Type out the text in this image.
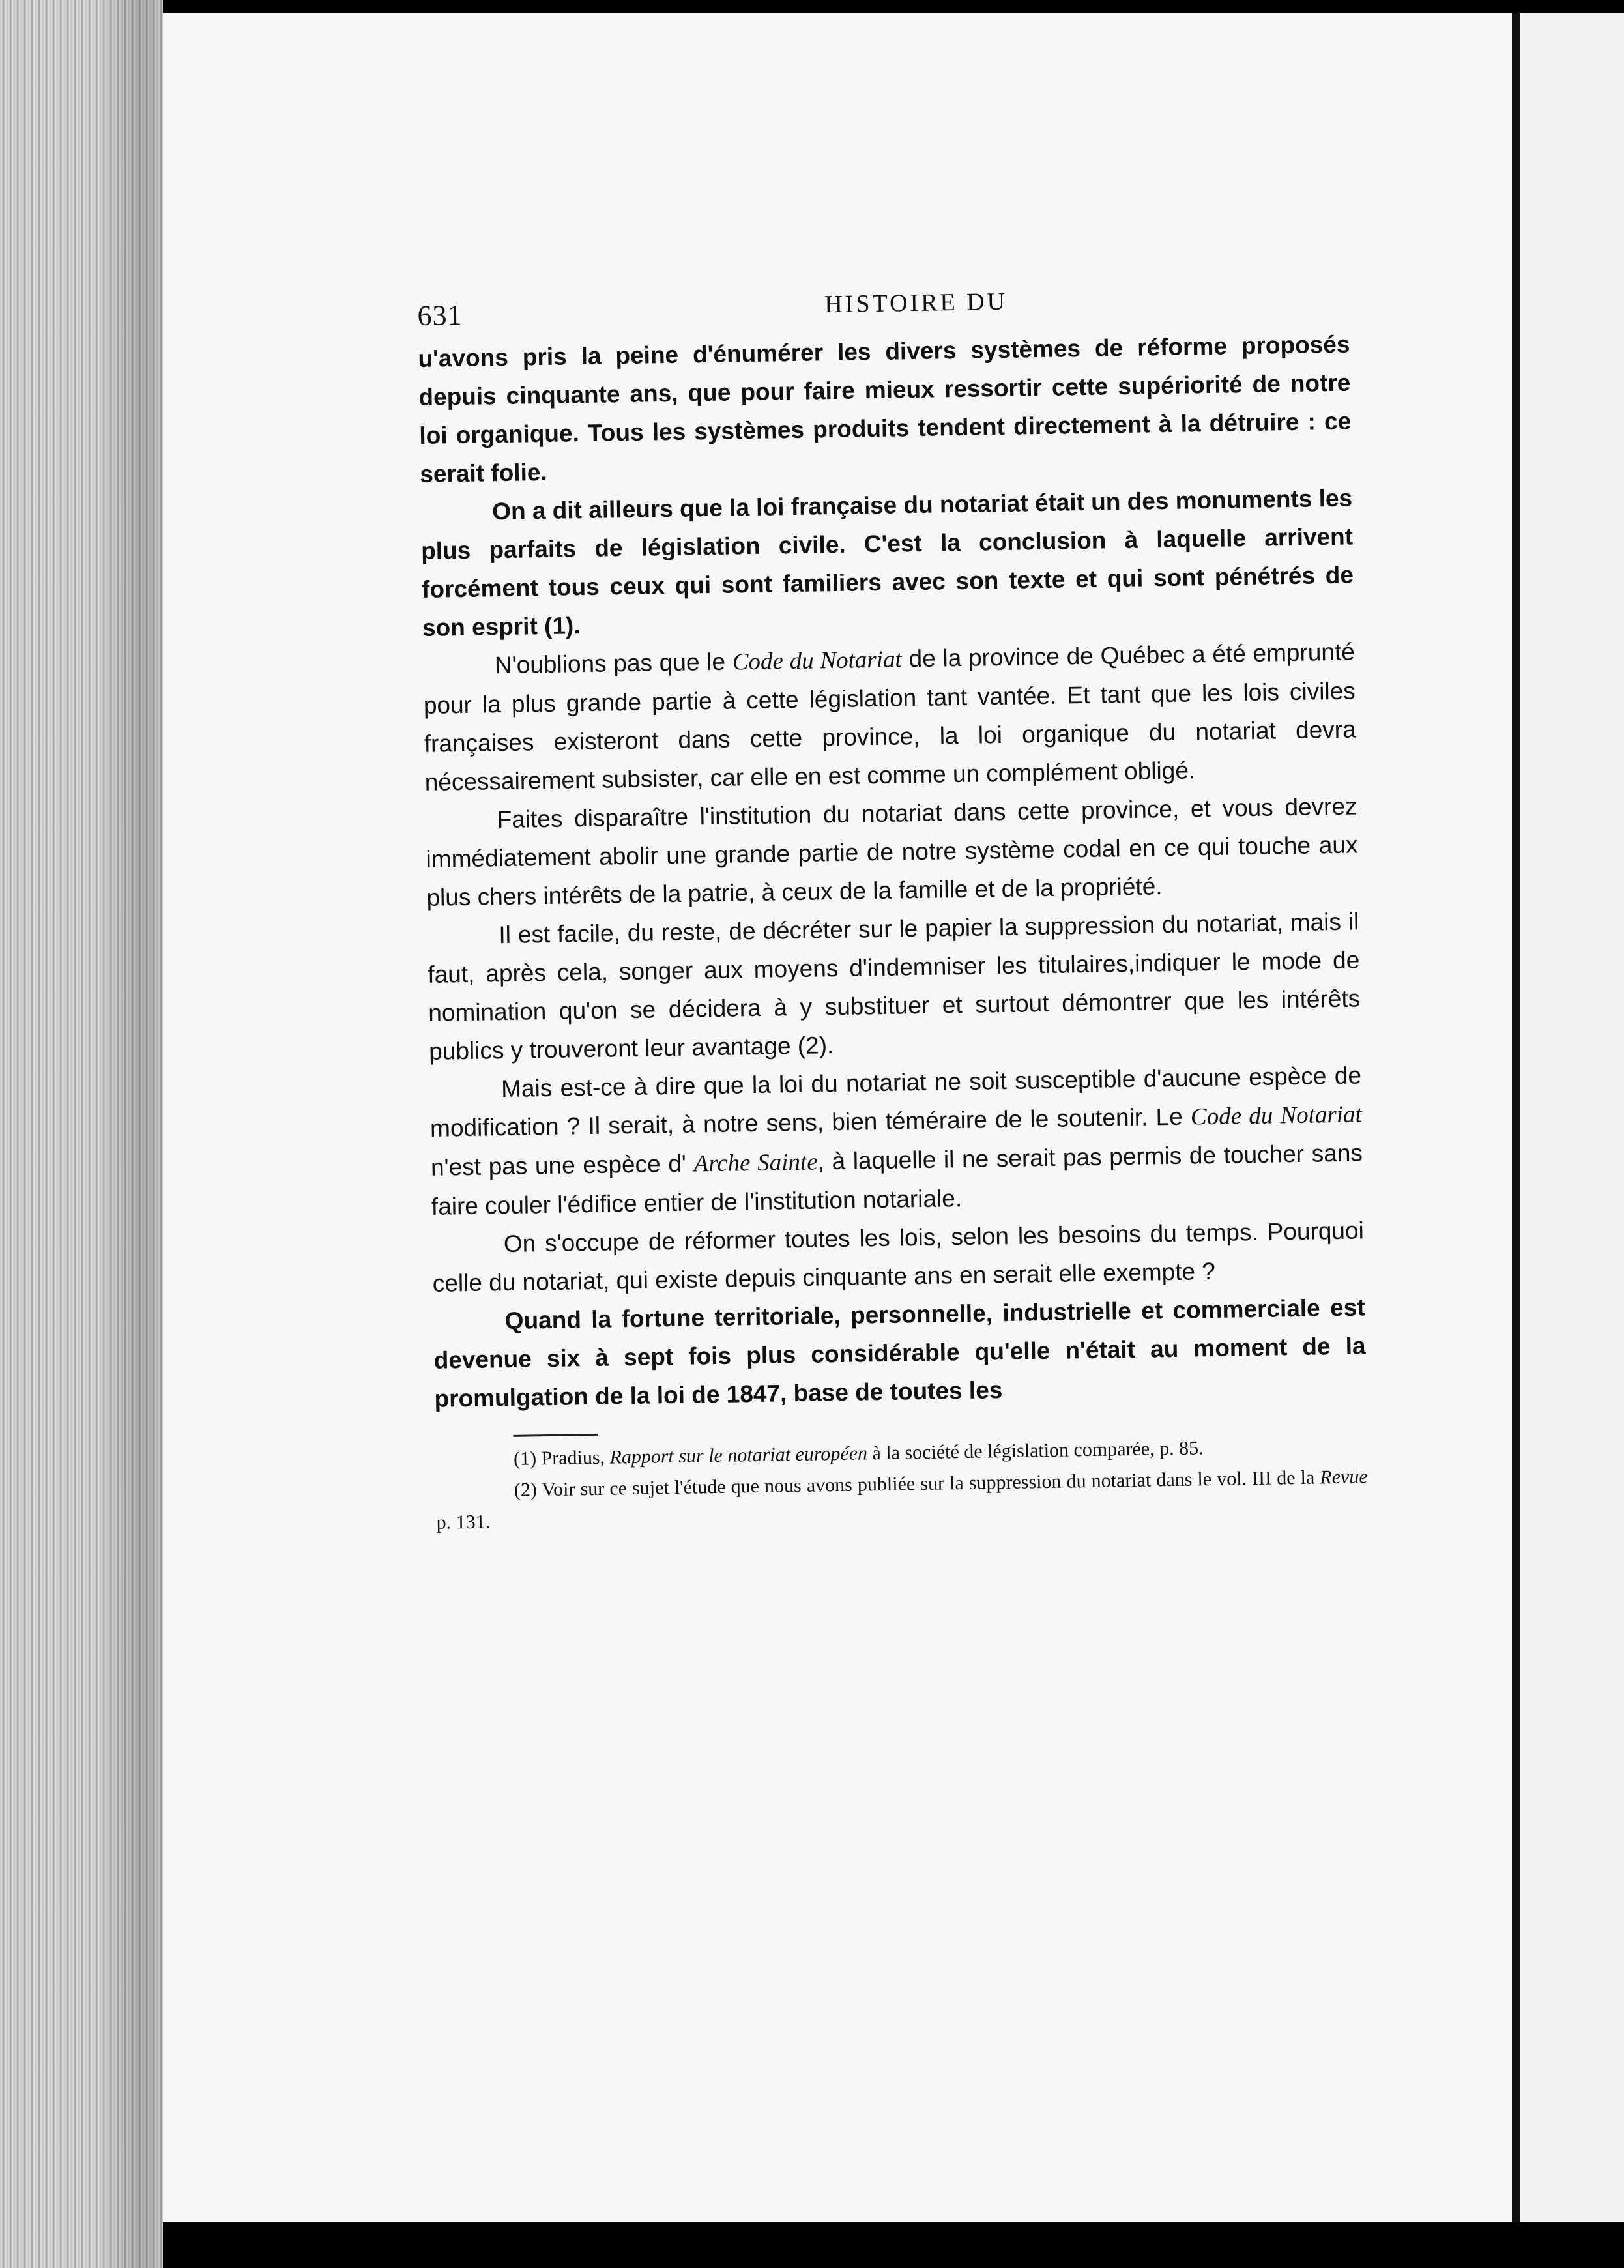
631	HISTOIRE DU

u'avons pris la peine d'énumérer les divers systèmes de réforme proposés depuis cinquante ans, que pour faire mieux ressortir cette supériorité de notre loi organique. Tous les systèmes produits tendent directement à la détruire : ce serait folie.

On a dit ailleurs que la loi française du notariat était un des monuments les plus parfaits de législation civile. C'est la conclusion à laquelle arrivent forcément tous ceux qui sont familiers avec son texte et qui sont pénétrés de son esprit (1).

N'oublions pas que le Code du Notariat de la province de Québec a été emprunté pour la plus grande partie à cette législation tant vantée. Et tant que les lois civiles françaises existeront dans cette province, la loi organique du notariat devra nécessairement subsister, car elle en est comme un complément obligé.

Faites disparaître l'institution du notariat dans cette province, et vous devrez immédiatement abolir une grande partie de notre système codal en ce qui touche aux plus chers intérêts de la patrie, à ceux de la famille et de la propriété.

Il est facile, du reste, de décréter sur le papier la suppression du notariat, mais il faut, après cela, songer aux moyens d'indemniser les titulaires,indiquer le mode de nomination qu'on se décidera à y substituer et surtout démontrer que les intérêts publics y trouveront leur avantage (2).

Mais est-ce à dire que la loi du notariat ne soit susceptible d'aucune espèce de modification ? Il serait, à notre sens, bien téméraire de le soutenir. Le Code du Notariat n'est pas une espèce d' Arche Sainte, à laquelle il ne serait pas permis de toucher sans faire couler l'édifice entier de l'institution notariale.

On s'occupe de réformer toutes les lois, selon les besoins du temps. Pourquoi celle du notariat, qui existe depuis cinquante ans en serait elle exempte ?

Quand la fortune territoriale, personnelle, industrielle et commerciale est devenue six à sept fois plus considérable qu'elle n'était au moment de la promulgation de la loi de 1847, base de toutes les

(1) Pradius, Rapport sur le notariat européen à la société de législation comparée, p. 85.

(2) Voir sur ce sujet l'étude que nous avons publiée sur la suppression du notariat dans le vol. III de la Revue p. 131.
